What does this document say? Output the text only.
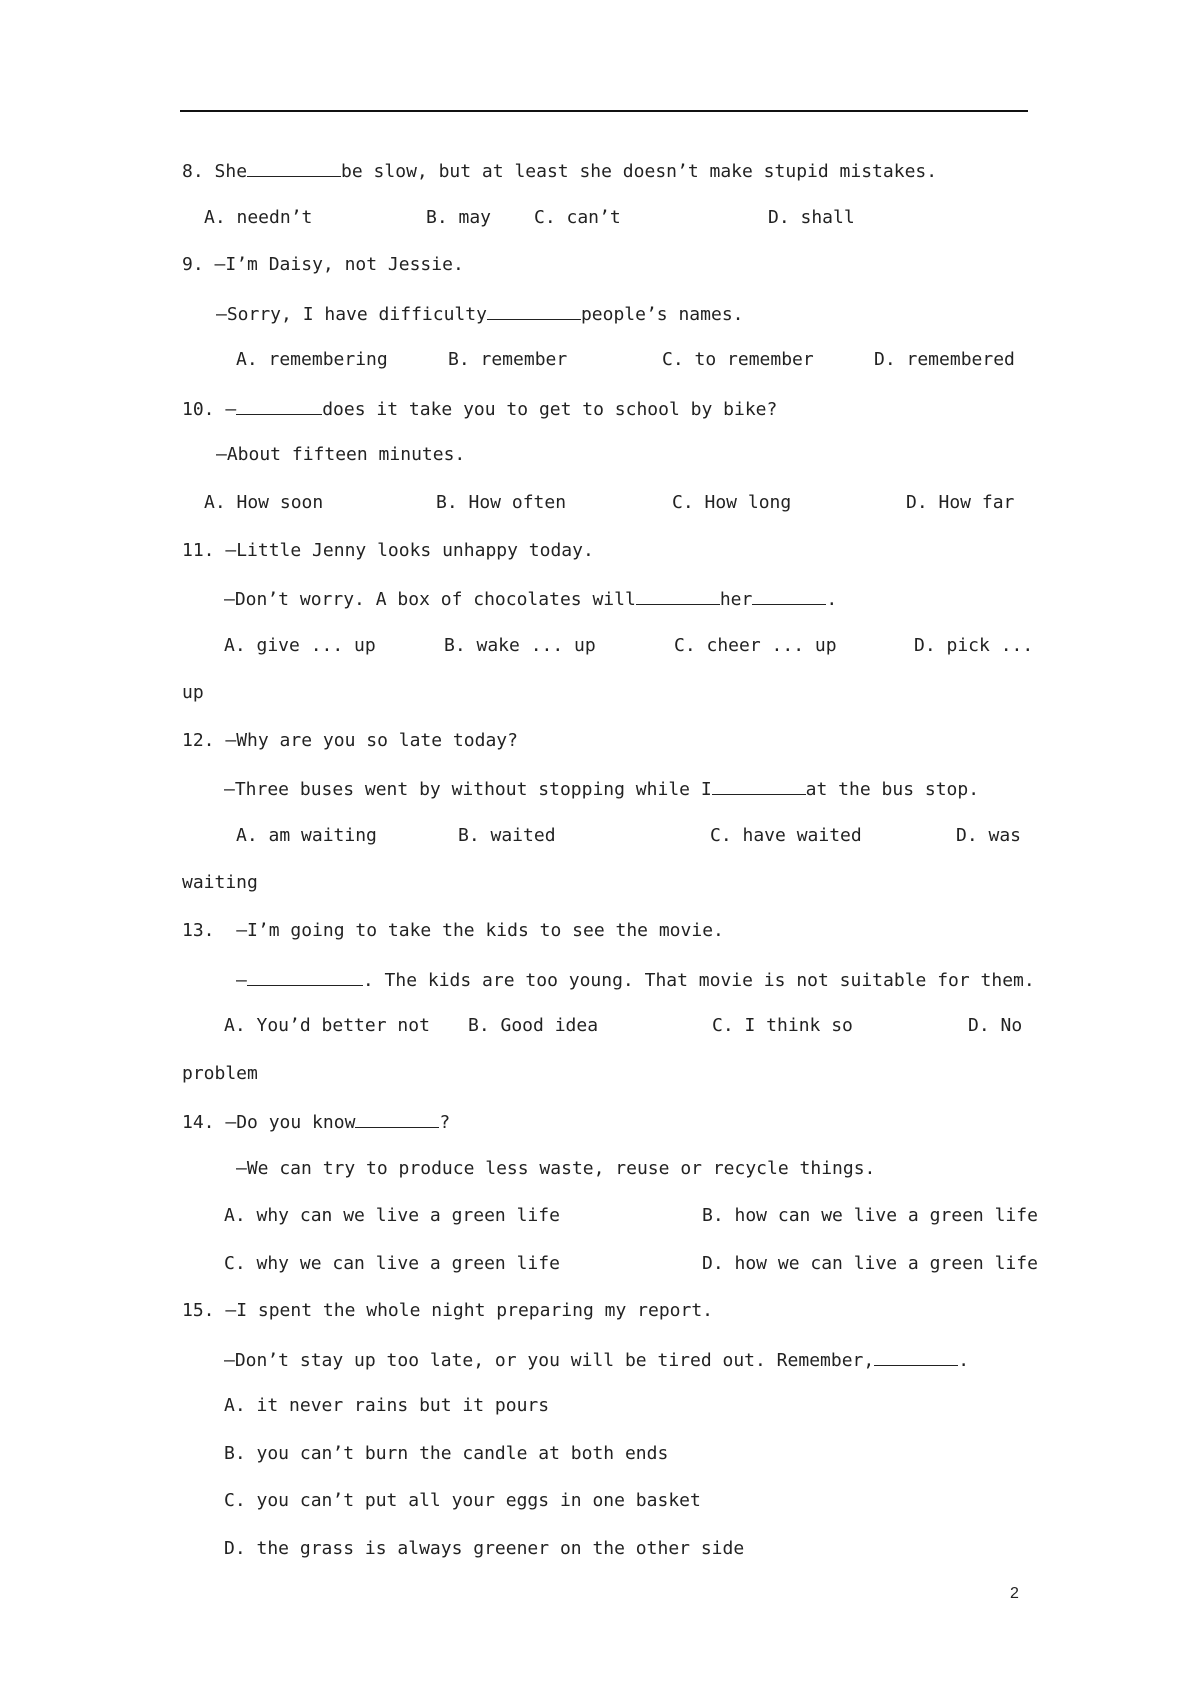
8. She	be slow, but at least she doesn’t make stupid mistakes.
A. needn’t	B. may C. can’t	D. shall
9. —I’m Daisy, not Jessie.
—Sorry, I have difficulty	people’s names.
A. remembering	B. remember	C. to remember	D. remembered
10. —	does it take you to get to school by bike?
—About fifteen minutes.
A. How soon	B. How often	C. How long	D. How far
11. —Little Jenny looks unhappy today.
—Don’t worry. A box of chocolates will	her	.
A. give ... up	B. wake ... up	C. cheer ... up	D. pick ...
up
12. —Why are you so late today?
—Three buses went by without stopping while I	at the bus stop.
A. am waiting	B. waited	C. have waited	D. was
waiting
13. —I’m going to take the kids to see the movie.
—	. The kids are too young. That movie is not suitable for them.
A. You’d better not B. Good idea	C. I think so	D. No
problem
14. —Do you know	?
—We can try to produce less waste, reuse or recycle things.
A. why can we live a green life	B. how can we live a green life
C. why we can live a green life	D. how we can live a green life
15. —I spent the whole night preparing my report.
—Don’t stay up too late, or you will be tired out. Remember,	.
A. it never rains but it pours
B. you can’t burn the candle at both ends
C. you can’t put all your eggs in one basket
D. the grass is always greener on the other side
2
